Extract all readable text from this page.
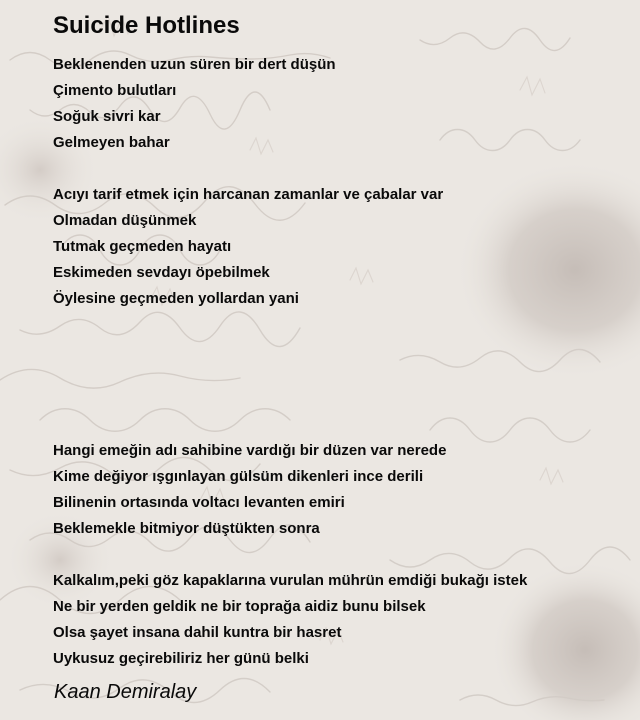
Suicide Hotlines
Beklenenden uzun süren bir dert düşün
Çimento bulutları
Soğuk sivri kar
Gelmeyen bahar
Acıyı tarif etmek için harcanan zamanlar ve çabalar var
Olmadan düşünmek
Tutmak geçmeden hayatı
Eskimeden sevdayı öpebilmek
Öylesine geçmeden yollardan yani
Hangi emeğin adı sahibine vardığı bir düzen var nerede
Kime değiyor ışgınlayan gülsüm dikenleri ince derili
Bilinenin ortasında voltacı levanten emiri
Beklemekle bitmiyor düştükten sonra
Kalkalım,peki göz kapaklarına vurulan mührün emdiği bukağı istek
Ne bir yerden geldik ne bir toprağa aidiz bunu bilsek
Olsa şayet insana dahil kuntra bir hasret
Uykusuz geçirebiliriz her günü belki

Kaan Demiralay
